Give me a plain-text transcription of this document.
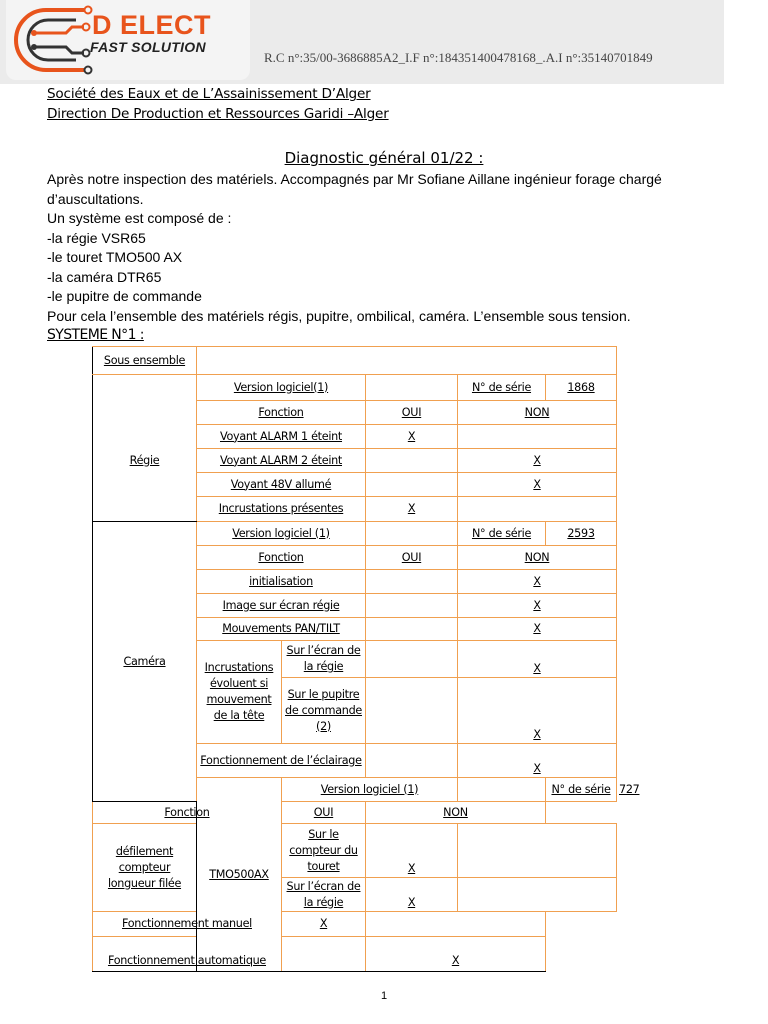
D ELECT
FAST SOLUTION
R.C n°:35/00-3686885A2_I.F n°:184351400478168_.A.I n°:35140701849
Société des Eaux et de L’Assainissement D’Alger
Direction De Production et Ressources Garidi –Alger
Diagnostic général 01/22 :

Après notre inspection des matériels. Accompagnés par Mr Sofiane Aillane ingénieur forage chargé d’auscultations.

Un système est composé de :

-la régie VSR65

-le touret TMO500 AX

-la caméra DTR65

-le pupitre de commande

Pour cela l’ensemble des matériels régis, pupitre, ombilical, caméra. L’ensemble sous tension.

SYSTEME N°1 :
Sous ensemble						
	Version logiciel(1)			N° de série	1868	
Régie	Fonction		OUI	NON		
	Voyant ALARM 1 éteint		X			
	Voyant ALARM 2 éteint			X		
	Voyant 48V allumé			X		
	Incrustations présentes		X			
Caméra	Version logiciel (1)			N° de série	2593	
	Fonction		OUI	NON		
	initialisation			X		
	Image sur écran régie			X		
	Mouvements PAN/TILT			X		
	Incrustations évoluent si mouvement de la tête	Sur l’écran de la régie		X		
		Sur le pupitre de commande (2)		X		
	Fonctionnement de l’éclairage			X		
	TMO500AX	Version logiciel (1)			N° de série	727
Fonction		OUI	NON			
défilement compteur longueur filée		Sur le compteur du touret	X			
		Sur l’écran de la régie	X			
Fonctionnement manuel		X				
Fonctionnement automatique			X			
1
